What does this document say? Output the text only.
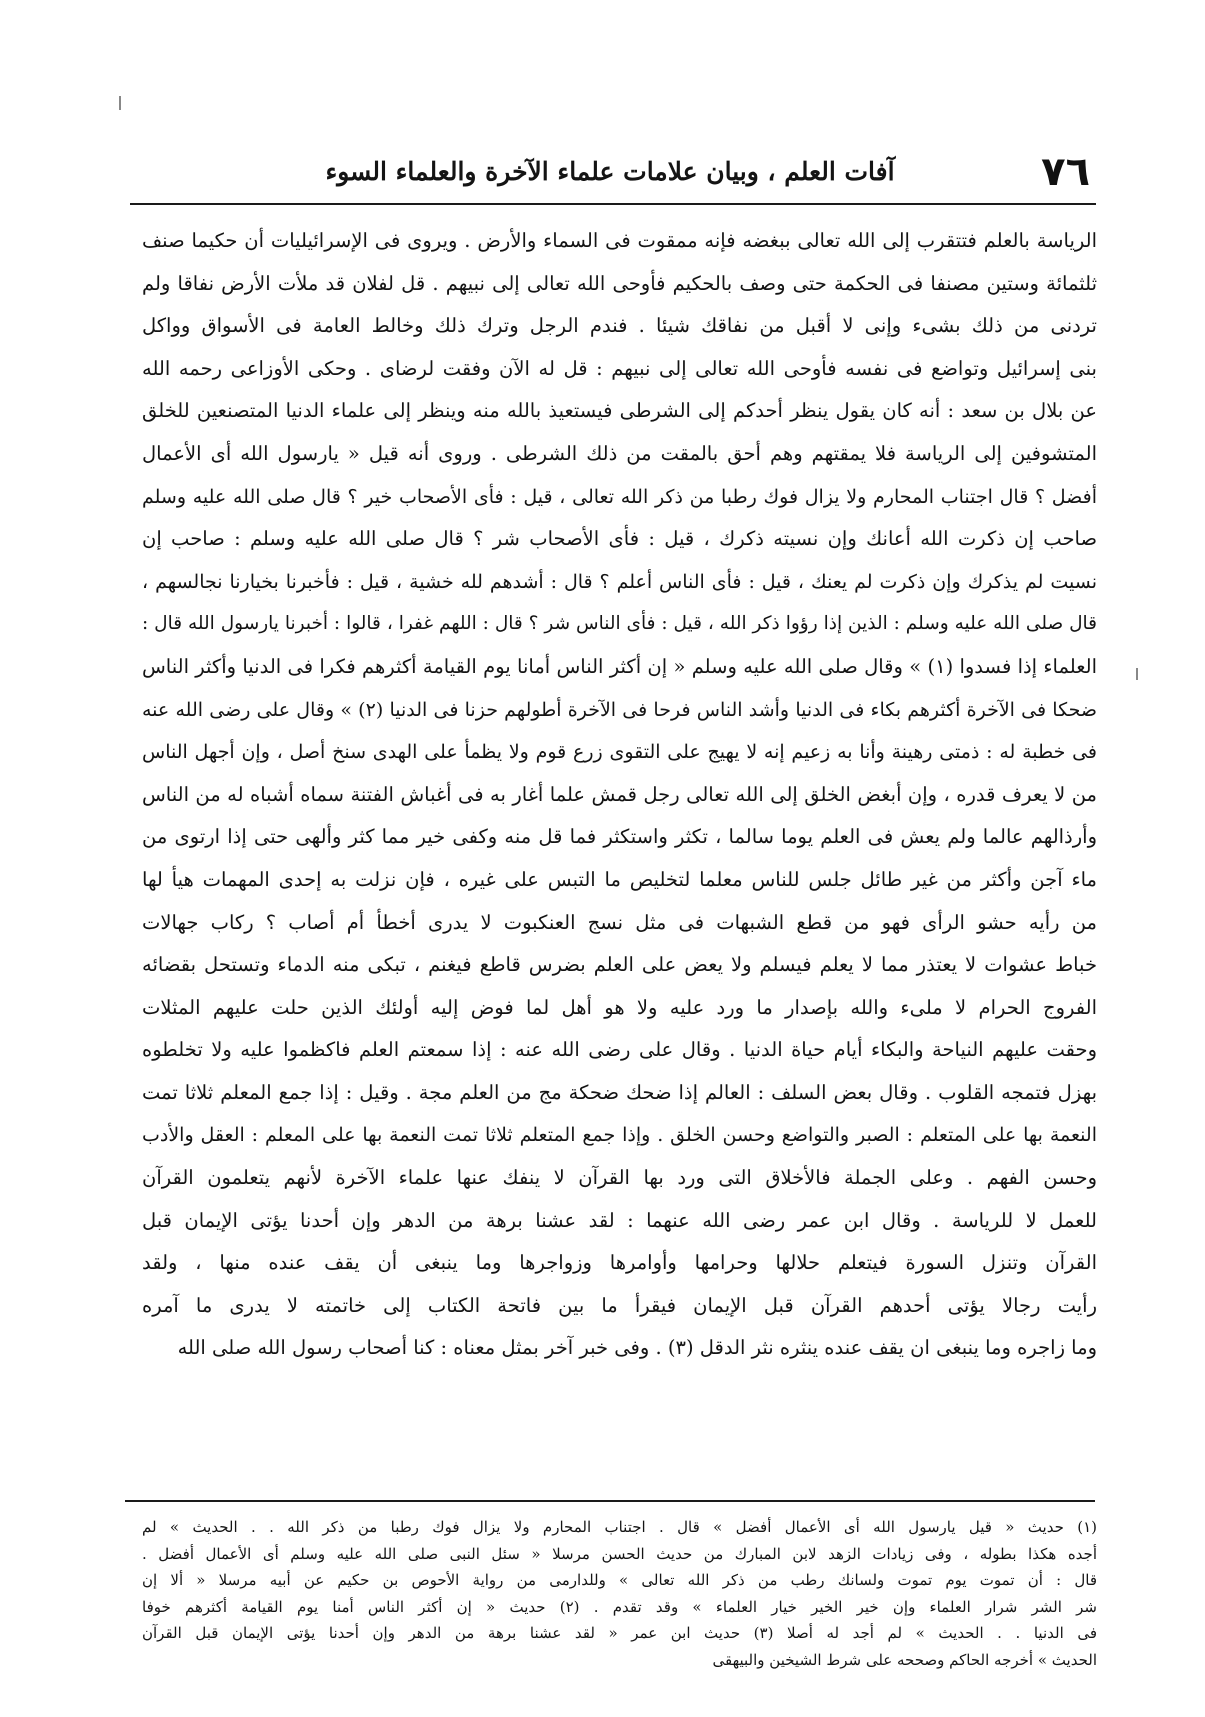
٧٦
آفات العلم ، وبيان علامات علماء الآخرة والعلماء السوء
الرياسة بالعلم فتتقرب إلى الله تعالى ببغضه فإنه ممقوت فى السماء والأرض . ويروى فى الإسرائيليات أن حكيما صنف
ثلثمائة وستين مصنفا فى الحكمة حتى وصف بالحكيم فأوحى الله تعالى إلى نبيهم . قل لفلان قد ملأت الأرض نفاقا ولم
تردنى من ذلك بشىء وإنى لا أقبل من نفاقك شيئا . فندم الرجل وترك ذلك وخالط العامة فى الأسواق وواكل
بنى إسرائيل وتواضع فى نفسه فأوحى الله تعالى إلى نبيهم : قل له الآن وفقت لرضاى . وحكى الأوزاعى رحمه الله
عن بلال بن سعد : أنه كان يقول ينظر أحدكم إلى الشرطى فيستعيذ بالله منه وينظر إلى علماء الدنيا المتصنعين للخلق
المتشوفين إلى الرياسة فلا يمقتهم وهم أحق بالمقت من ذلك الشرطى . وروى أنه قيل « يارسول الله أى الأعمال
أفضل ؟ قال اجتناب المحارم ولا يزال فوك رطبا من ذكر الله تعالى ، قيل : فأى الأصحاب خير ؟ قال صلى الله عليه وسلم
صاحب إن ذكرت الله أعانك وإن نسيته ذكرك ، قيل : فأى الأصحاب شر ؟ قال صلى الله عليه وسلم : صاحب إن
نسيت لم يذكرك وإن ذكرت لم يعنك ، قيل : فأى الناس أعلم ؟ قال : أشدهم لله خشية ، قيل : فأخبرنا بخيارنا نجالسهم ،
قال صلى الله عليه وسلم : الذين إذا رؤوا ذكر الله ، قيل : فأى الناس شر ؟ قال : اللهم غفرا ، قالوا : أخبرنا يارسول الله قال :
العلماء إذا فسدوا (١) » وقال صلى الله عليه وسلم « إن أكثر الناس أمانا يوم القيامة أكثرهم فكرا فى الدنيا وأكثر الناس
ضحكا فى الآخرة أكثرهم بكاء فى الدنيا وأشد الناس فرحا فى الآخرة أطولهم حزنا فى الدنيا (٢) » وقال على رضى الله عنه
فى خطبة له : ذمتى رهينة وأنا به زعيم إنه لا يهيج على التقوى زرع قوم ولا يظمأ على الهدى سنخ أصل ، وإن أجهل الناس
من لا يعرف قدره ، وإن أبغض الخلق إلى الله تعالى رجل قمش علما أغار به فى أغباش الفتنة سماه أشباه له من الناس
وأرذالهم عالما ولم يعش فى العلم يوما سالما ، تكثر واستكثر فما قل منه وكفى خير مما كثر وألهى حتى إذا ارتوى من
ماء آجن وأكثر من غير طائل جلس للناس معلما لتخليص ما التبس على غيره ، فإن نزلت به إحدى المهمات هيأ لها
من رأيه حشو الرأى فهو من قطع الشبهات فى مثل نسج العنكبوت لا يدرى أخطأ أم أصاب ؟ ركاب جهالات
خباط عشوات لا يعتذر مما لا يعلم فيسلم ولا يعض على العلم بضرس قاطع فيغنم ، تبكى منه الدماء وتستحل بقضائه
الفروج الحرام لا ملىء والله بإصدار ما ورد عليه ولا هو أهل لما فوض إليه أولئك الذين حلت عليهم المثلات
وحقت عليهم النياحة والبكاء أيام حياة الدنيا . وقال على رضى الله عنه : إذا سمعتم العلم فاكظموا عليه ولا تخلطوه
بهزل فتمجه القلوب . وقال بعض السلف : العالم إذا ضحك ضحكة مج من العلم مجة . وقيل : إذا جمع المعلم ثلاثا تمت
النعمة بها على المتعلم : الصبر والتواضع وحسن الخلق . وإذا جمع المتعلم ثلاثا تمت النعمة بها على المعلم : العقل والأدب
وحسن الفهم . وعلى الجملة فالأخلاق التى ورد بها القرآن لا ينفك عنها علماء الآخرة لأنهم يتعلمون القرآن
للعمل لا للرياسة . وقال ابن عمر رضى الله عنهما : لقد عشنا برهة من الدهر وإن أحدنا يؤتى الإيمان قبل
القرآن وتنزل السورة فيتعلم حلالها وحرامها وأوامرها وزواجرها وما ينبغى أن يقف عنده منها ، ولقد
رأيت رجالا يؤتى أحدهم القرآن قبل الإيمان فيقرأ ما بين فاتحة الكتاب إلى خاتمته لا يدرى ما آمره
وما زاجره وما ينبغى ان يقف عنده ينثره نثر الدقل (٣) . وفى خبر آخر بمثل معناه : كنا أصحاب رسول الله صلى الله
(١) حديث « قيل يارسول الله أى الأعمال أفضل » قال . اجتناب المحارم ولا يزال فوك رطبا من ذكر الله . . الحديث » لم
أجده هكذا بطوله ، وفى زيادات الزهد لابن المبارك من حديث الحسن مرسلا « سئل النبى صلى الله عليه وسلم أى الأعمال أفضل .
قال : أن تموت يوم تموت ولسانك رطب من ذكر الله تعالى » وللدارمى من رواية الأحوص بن حكيم عن أبيه مرسلا « ألا إن
شر الشر شرار العلماء وإن خير الخير خيار العلماء » وقد تقدم . (٢) حديث « إن أكثر الناس أمنا يوم القيامة أكثرهم خوفا
فى الدنيا . . الحديث » لم أجد له أصلا (٣) حديث ابن عمر « لقد عشنا برهة من الدهر وإن أحدنا يؤتى الإيمان قبل القرآن
الحديث » أخرجه الحاكم وصححه على شرط الشيخين والبيهقى
